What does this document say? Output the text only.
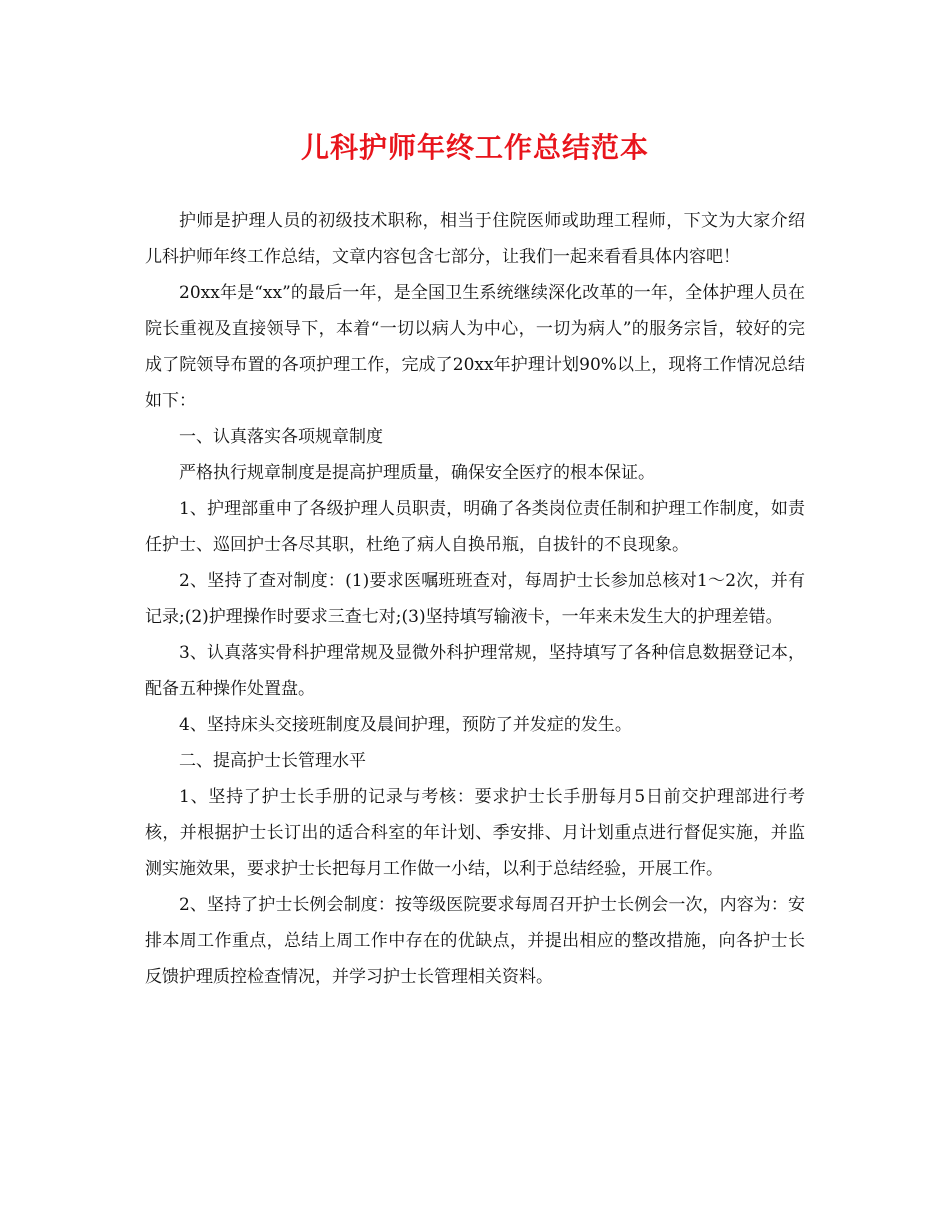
儿科护师年终工作总结范本

护师是护理人员的初级技术职称，相当于住院医师或助理工程师，下文为大家介绍儿科护师年终工作总结，文章内容包含七部分，让我们一起来看看具体内容吧！

20xx年是“xx”的最后一年，是全国卫生系统继续深化改革的一年，全体护理人员在院长重视及直接领导下，本着“一切以病人为中心，一切为病人”的服务宗旨，较好的完成了院领导布置的各项护理工作，完成了20xx年护理计划90%以上，现将工作情况总结如下：

一、认真落实各项规章制度

严格执行规章制度是提高护理质量，确保安全医疗的根本保证。

1、护理部重申了各级护理人员职责，明确了各类岗位责任制和护理工作制度，如责任护士、巡回护士各尽其职，杜绝了病人自换吊瓶，自拔针的不良现象。

2、坚持了查对制度：(1)要求医嘱班班查对，每周护士长参加总核对1～2次，并有记录;(2)护理操作时要求三查七对;(3)坚持填写输液卡，一年来未发生大的护理差错。

3、认真落实骨科护理常规及显微外科护理常规，坚持填写了各种信息数据登记本，配备五种操作处置盘。

4、坚持床头交接班制度及晨间护理，预防了并发症的发生。

二、提高护士长管理水平

1、坚持了护士长手册的记录与考核：要求护士长手册每月5日前交护理部进行考核，并根据护士长订出的适合科室的年计划、季安排、月计划重点进行督促实施，并监测实施效果，要求护士长把每月工作做一小结，以利于总结经验，开展工作。

2、坚持了护士长例会制度：按等级医院要求每周召开护士长例会一次，内容为：安排本周工作重点，总结上周工作中存在的优缺点，并提出相应的整改措施，向各护士长反馈护理质控检查情况，并学习护士长管理相关资料。
